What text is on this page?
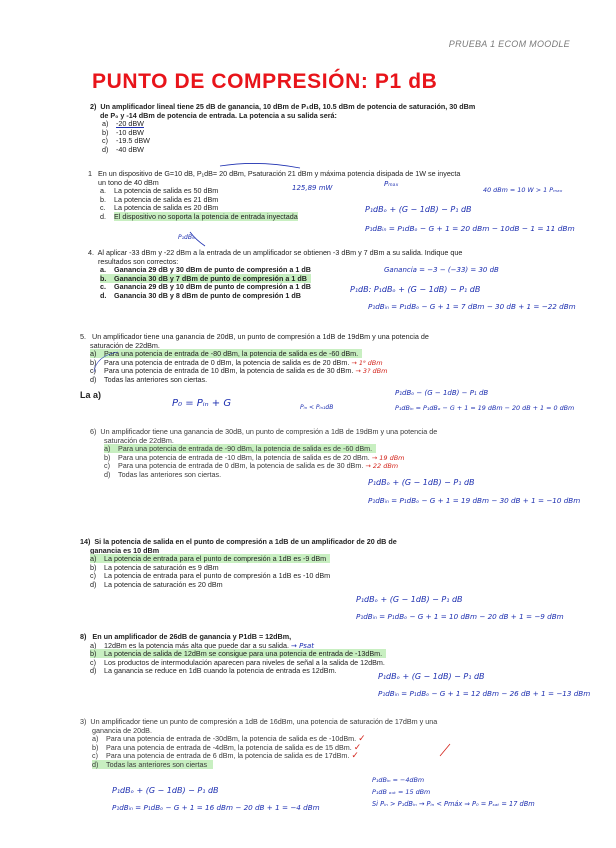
PRUEBA 1 ECOM MOODLE
PUNTO DE COMPRESIÓN: P1 dB
2) Un amplificador lineal tiene 25 dB de ganancia, 10 dBm de P₁dB, 10.5 dBm de potencia de saturación, 30 dBm
de P₀ y -14 dBm de potencia de entrada. La potencia a su salida será:
a) -20 dBW
b) -10 dBW
c) -19.5 dBW
d) -40 dBW
1 En un dispositivo de G=10 dB, P₁dB= 20 dBm, Psaturación 21 dBm y máxima potencia disipada de 1W se inyecta
un tono de 40 dBm
a. La potencia de salida es 50 dBm
b. La potencia de salida es 21 dBm
c. La potencia de salida es 20 dBm
d. El dispositivo no soporta la potencia de entrada inyectada
125,89 mW	Pₘₐₓ
40 dBm = 10 W > 1 Pₘₐₓ
P₁dBₒ + (G − 1dB) − P₁ dB
P₁dBᵢₙ = P₁dBₒ − G + 1 = 20 dBm − 10dB − 1 = 11 dBm
P₁dBᵢₙ
4. Al aplicar -33 dBm y -22 dBm a la entrada de un amplificador se obtienen -3 dBm y 7 dBm a su salida. Indique que
resultados son correctos:
a. Ganancia 29 dB y 30 dBm de punto de compresión a 1 dB
b. Ganancia 30 dB y 7 dBm de punto de compresión a 1 dB
c. Ganancia 29 dB y 10 dBm de punto de compresión a 1 dB
d. Ganancia 30 dB y 8 dBm de punto de compresión 1 dB
Ganancia = −3 − (−33) = 30 dB
P₁dB: P₁dBₒ + (G − 1dB) − P₁ dB
P₁dBᵢₙ = P₁dBₒ − G + 1 = 7 dBm − 30 dB + 1 = −22 dBm
5. Un amplificador tiene una ganancia de 20dB, un punto de compresión a 1dB de 19dBm y una potencia de
saturación de 22dBm.
a) Para una potencia de entrada de -80 dBm, la potencia de salida es de -60 dBm.
b) Para una potencia de entrada de 0 dBm, la potencia de salida es de 20 dBm. → 1⁹ dBm
c) Para una potencia de entrada de 10 dBm, la potencia de salida es de 30 dBm. → 3? dBm
d) Todas las anteriores son ciertas.
La a)
P₀ = Pᵢₙ + G	Pᵢₙ < Pᵢₙ₁dB
P₁dBₒ − (G − 1dB) − P₁ dB
P₁dBᵢₙ = P₁dBₒ − G + 1 = 19 dBm − 20 dB + 1 = 0 dBm
6) Un amplificador tiene una ganancia de 30dB, un punto de compresión a 1dB de 19dBm y una potencia de
saturación de 22dBm.
a) Para una potencia de entrada de -90 dBm, la potencia de salida es de -60 dBm.
b) Para una potencia de entrada de -10 dBm, la potencia de salida es de 20 dBm. → 19 dBm
c) Para una potencia de entrada de 0 dBm, la potencia de salida es de 30 dBm. → 22 dBm
d) Todas las anteriores son ciertas.
P₁dBₒ + (G − 1dB) − P₁ dB
P₁dBᵢₙ = P₁dBₒ − G + 1 = 19 dBm − 30 dB + 1 = −10 dBm
14) Si la potencia de salida en el punto de compresión a 1dB de un amplificador de 20 dB de
ganancia es 10 dBm
a) La potencia de entrada para el punto de compresión a 1dB es -9 dBm
b) La potencia de saturación es 9 dBm
c) La potencia de entrada para el punto de compresión a 1dB es -10 dBm
d) La potencia de saturación es 20 dBm
P₁dBₒ + (G − 1dB) − P₁ dB
P₁dBᵢₙ = P₁dBₒ − G + 1 = 10 dBm − 20 dB + 1 = −9 dBm
8) En un amplificador de 26dB de ganancia y P1dB = 12dBm,
a) 12dBm es la potencia más alta que puede dar a su salida. → Psat
b) La potencia de salida de 12dBm se consigue para una potencia de entrada de -13dBm.
c) Los productos de intermodulación aparecen para niveles de señal a la salida de 12dBm.
d) La ganancia se reduce en 1dB cuando la potencia de entrada es 12dBm.
P₁dBₒ + (G − 1dB) − P₁ dB
P₁dBᵢₙ = P₁dBₒ − G + 1 = 12 dBm − 26 dB + 1 = −13 dBm
3) Un amplificador tiene un punto de compresión a 1dB de 16dBm, una potencia de saturación de 17dBm y una
ganancia de 20dB.
a) Para una potencia de entrada de -30dBm, la potencia de salida es de -10dBm. ✓
b) Para una potencia de entrada de -4dBm, la potencia de salida es de 15 dBm. ✓
c) Para una potencia de entrada de 6 dBm, la potencia de salida es de 17dBm. ✓
d) Todas las anteriores son ciertas
P₁dBₒ + (G − 1dB) − P₁ dB
P₁dBᵢₙ = P₁dBₒ − G + 1 = 16 dBm − 20 dB + 1 = −4 dBm
P₁dBᵢₙ = −4dBm
P₁dB ₒᵤₜ = 15 dBm
Si Pᵢₙ > P₁dBᵢₙ → Pᵢₙ < Pmáx ⇒ P₀ = Pₛₐₜ = 17 dBm
